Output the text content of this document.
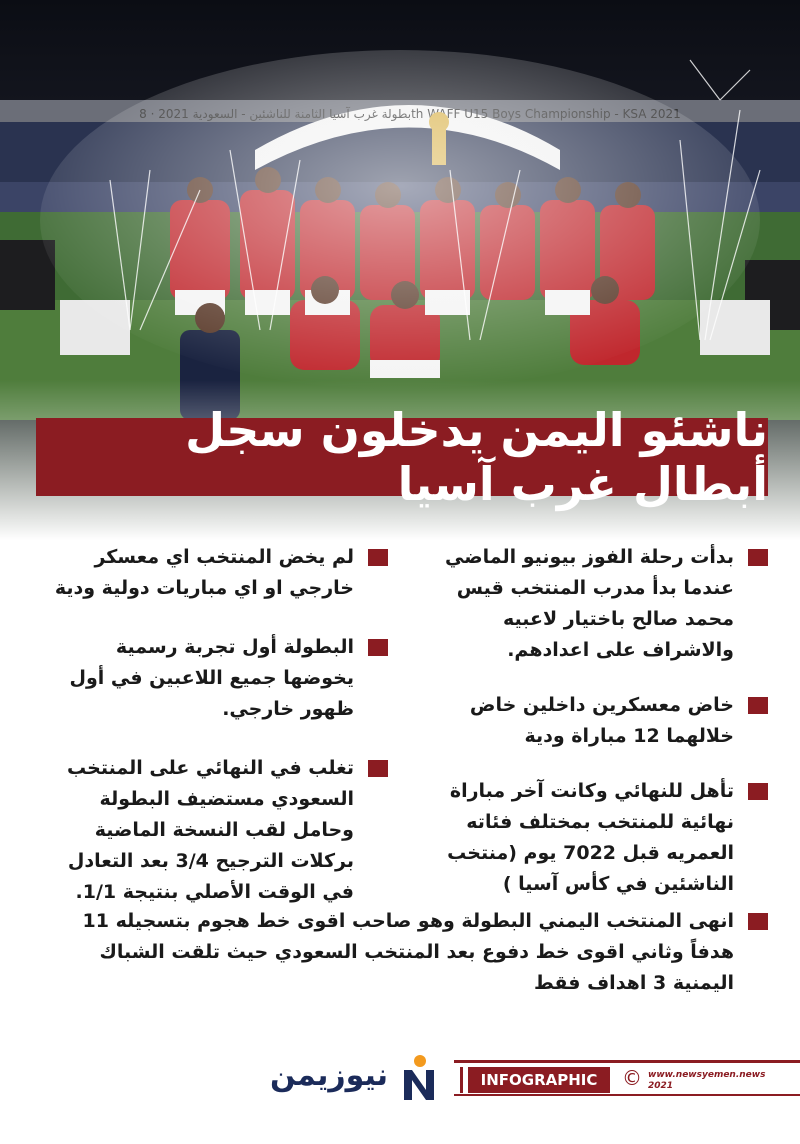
ناشئو اليمن يدخلون سجل أبطال غرب آسيا
بدأت رحلة الفوز بيونيو الماضي عندما بدأ مدرب المنتخب قيس محمد صالح باختيار لاعبيه والاشراف على اعدادهم.
خاض معسكرين داخلين خاض خلالهما 12 مباراة ودية
تأهل للنهائي وكانت آخر مباراة نهائية للمنتخب بمختلف فئاته العمريه قبل 7022 يوم (منتخب الناشئين في كأس آسيا )
لم يخض المنتخب اي معسكر خارجي او اي مباريات دولية ودية
البطولة أول تجربة رسمية يخوضها جميع اللاعبين في أول ظهور خارجي.
تغلب في النهائي على المنتخب السعودي مستضيف البطولة وحامل لقب النسخة الماضية بركلات الترجيح 3/4 بعد التعادل في الوقت الأصلي بنتيجة 1/1.
انهى المنتخب اليمني البطولة وهو صاحب اقوى خط هجوم بتسجيله 11 هدفاً وثاني اقوى خط دفوع بعد المنتخب السعودي حيث تلقت الشباك اليمنية 3 اهداف فقط
نيوزيمن	INFOGRAPHIC	© www.newsyemen.news
2021
